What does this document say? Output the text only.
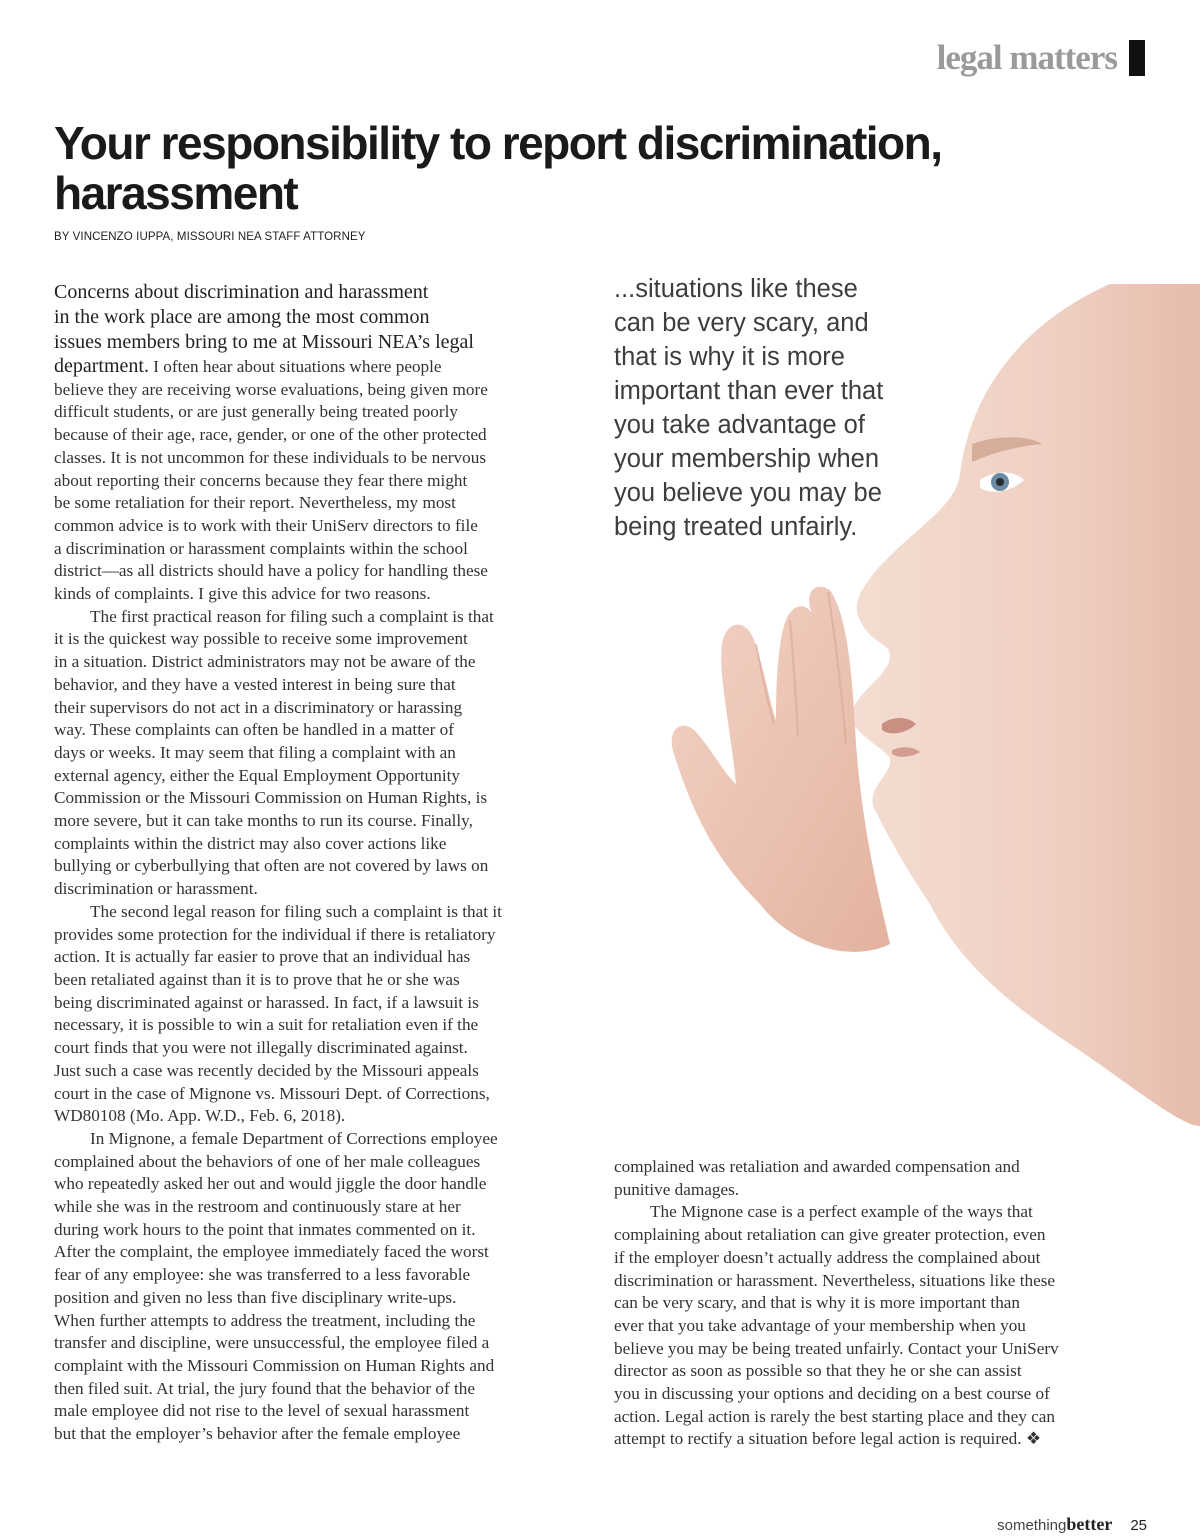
legal matters
Your responsibility to report discrimination,
harassment
BY VINCENZO IUPPA, MISSOURI NEA STAFF ATTORNEY
...situations like these
can be very scary, and
that is why it is more
important than ever that
you take advantage of
your membership when
you believe you may be
being treated unfairly.
Concerns about discrimination and harassment
in the work place are among the most common
issues members bring to me at Missouri NEA’s legal
department. I often hear about situations where people
believe they are receiving worse evaluations, being given more
difficult students, or are just generally being treated poorly
because of their age, race, gender, or one of the other protected
classes. It is not uncommon for these individuals to be nervous
about reporting their concerns because they fear there might
be some retaliation for their report. Nevertheless, my most
common advice is to work with their UniServ directors to file
a discrimination or harassment complaints within the school
district—as all districts should have a policy for handling these
kinds of complaints. I give this advice for two reasons.
The first practical reason for filing such a complaint is that
it is the quickest way possible to receive some improvement
in a situation. District administrators may not be aware of the
behavior, and they have a vested interest in being sure that
their supervisors do not act in a discriminatory or harassing
way. These complaints can often be handled in a matter of
days or weeks. It may seem that filing a complaint with an
external agency, either the Equal Employment Opportunity
Commission or the Missouri Commission on Human Rights, is
more severe, but it can take months to run its course. Finally,
complaints within the district may also cover actions like
bullying or cyberbullying that often are not covered by laws on
discrimination or harassment.
The second legal reason for filing such a complaint is that it
provides some protection for the individual if there is retaliatory
action. It is actually far easier to prove that an individual has
been retaliated against than it is to prove that he or she was
being discriminated against or harassed. In fact, if a lawsuit is
necessary, it is possible to win a suit for retaliation even if the
court finds that you were not illegally discriminated against.
Just such a case was recently decided by the Missouri appeals
court in the case of Mignone vs. Missouri Dept. of Corrections,
WD80108 (Mo. App. W.D., Feb. 6, 2018).
In Mignone, a female Department of Corrections employee
complained about the behaviors of one of her male colleagues
who repeatedly asked her out and would jiggle the door handle
while she was in the restroom and continuously stare at her
during work hours to the point that inmates commented on it.
After the complaint, the employee immediately faced the worst
fear of any employee: she was transferred to a less favorable
position and given no less than five disciplinary write-ups.
When further attempts to address the treatment, including the
transfer and discipline, were unsuccessful, the employee filed a
complaint with the Missouri Commission on Human Rights and
then filed suit. At trial, the jury found that the behavior of the
male employee did not rise to the level of sexual harassment
but that the employer’s behavior after the female employee
complained was retaliation and awarded compensation and
punitive damages.
The Mignone case is a perfect example of the ways that
complaining about retaliation can give greater protection, even
if the employer doesn’t actually address the complained about
discrimination or harassment. Nevertheless, situations like these
can be very scary, and that is why it is more important than
ever that you take advantage of your membership when you
believe you may be being treated unfairly. Contact your UniServ
director as soon as possible so that they he or she can assist
you in discussing your options and deciding on a best course of
action. Legal action is rarely the best starting place and they can
attempt to rectify a situation before legal action is required. ❖
something better 25
